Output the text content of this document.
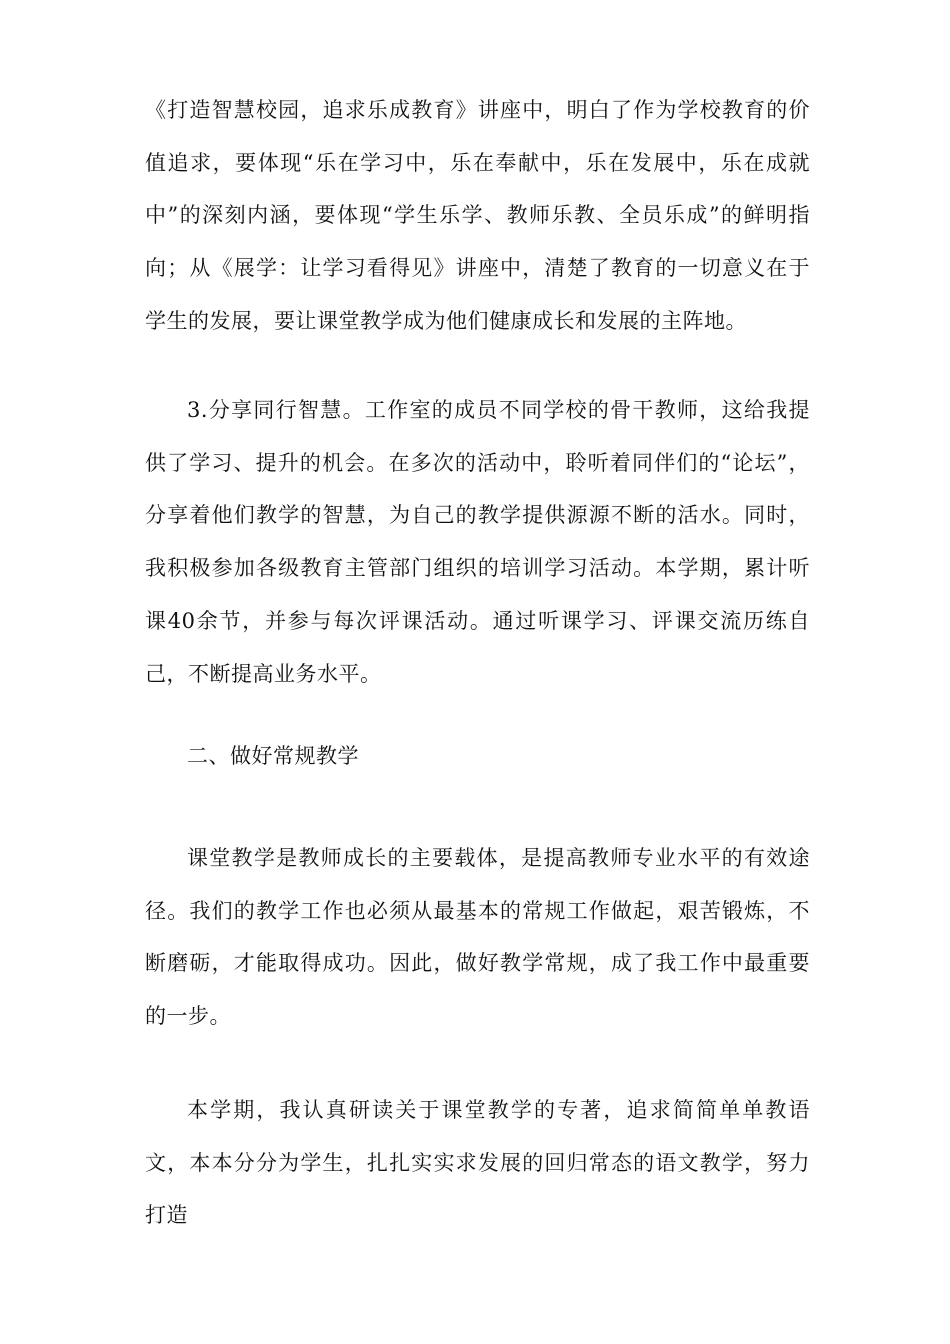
《打造智慧校园，追求乐成教育》讲座中，明白了作为学校教育的价值追求，要体现“乐在学习中，乐在奉献中，乐在发展中，乐在成就中”的深刻内涵，要体现“学生乐学、教师乐教、全员乐成”的鲜明指向；从《展学：让学习看得见》讲座中，清楚了教育的一切意义在于学生的发展，要让课堂教学成为他们健康成长和发展的主阵地。

3.分享同行智慧。工作室的成员不同学校的骨干教师，这给我提供了学习、提升的机会。在多次的活动中，聆听着同伴们的“论坛”，分享着他们教学的智慧，为自己的教学提供源源不断的活水。同时，我积极参加各级教育主管部门组织的培训学习活动。本学期，累计听课40余节，并参与每次评课活动。通过听课学习、评课交流历练自己，不断提高业务水平。

二、做好常规教学

课堂教学是教师成长的主要载体，是提高教师专业水平的有效途径。我们的教学工作也必须从最基本的常规工作做起，艰苦锻炼，不断磨砺，才能取得成功。因此，做好教学常规，成了我工作中最重要的一步。

本学期，我认真研读关于课堂教学的专著，追求简简单单教语文，本本分分为学生，扎扎实实求发展的回归常态的语文教学，努力打造
